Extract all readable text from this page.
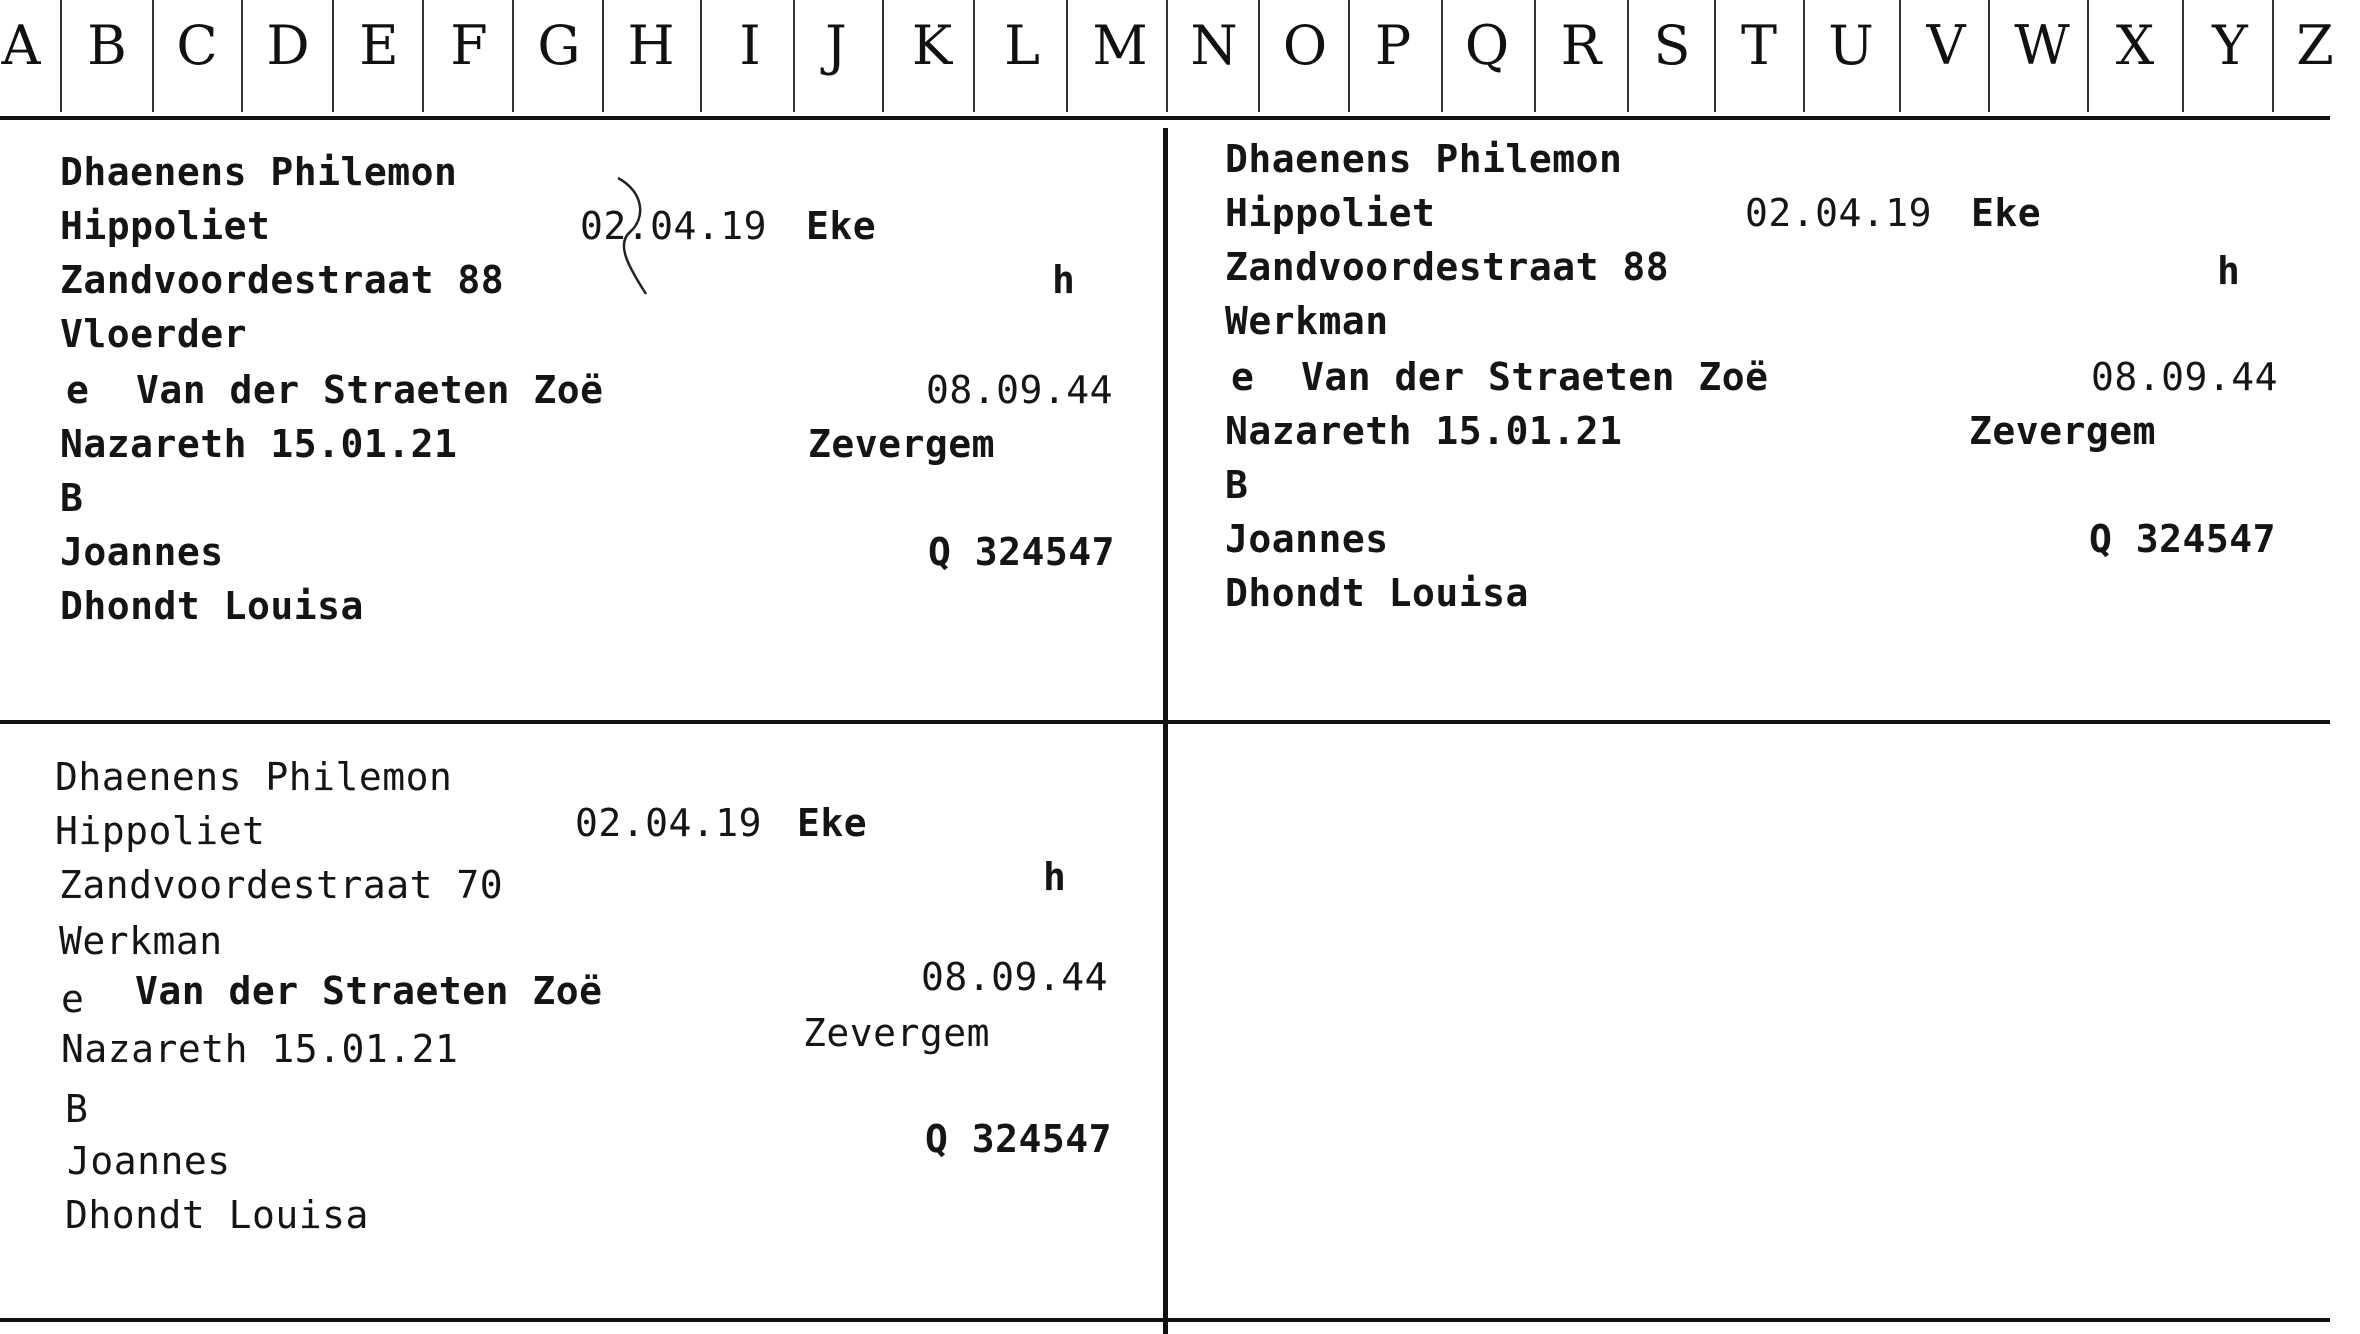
A B C D E F G H	I	J	K L M N O P Q R S T U V W X	Y Z
Dhaenens Philemon
Hippoliet	02.04.19 Eke
Zandvoordestraat 88	h
Vloerder
e Van der Straeten Zoë	08.09.44
Nazareth 15.01.21	Zevergem
B
Joannes	Q 324547
Dhondt Louisa
Dhaenens Philemon
Hippoliet	02.04.19 Eke
Zandvoordestraat 88	h
Werkman
e Van der Straeten Zoë	08.09.44
Nazareth 15.01.21	Zevergem
B
Joannes	Q 324547
Dhondt Louisa
Dhaenens Philemon
Hippoliet	02.04.19 Eke
Zandvoordestraat 70	h
Werkman
e Van der Straeten Zoë	08.09.44
Nazareth 15.01.21	Zevergem
B
Joannes	Q 324547
Dhondt Louisa
